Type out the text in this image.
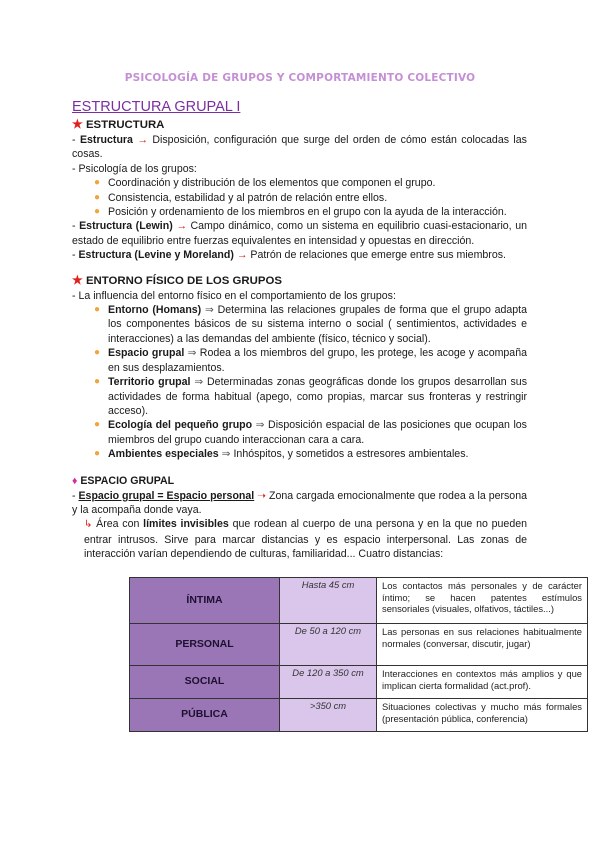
PSICOLOGÍA DE GRUPOS Y COMPORTAMIENTO COLECTIVO
ESTRUCTURA GRUPAL I
★ ESTRUCTURA

- Estructura → Disposición, configuración que surge del orden de cómo están colocadas las cosas.

- Psicología de los grupos:

● Coordinación y distribución de los elementos que componen el grupo.
● Consistencia, estabilidad y al patrón de relación entre ellos.
● Posición y ordenamiento de los miembros en el grupo con la ayuda de la interacción.

- Estructura (Lewin) → Campo dinámico, como un sistema en equilibrio cuasi-estacionario, un estado de equilibrio entre fuerzas equivalentes en intensidad y opuestas en dirección.

- Estructura (Levine y Moreland) → Patrón de relaciones que emerge entre sus miembros.

★ ENTORNO FÍSICO DE LOS GRUPOS

- La influencia del entorno físico en el comportamiento de los grupos:

● Entorno (Homans) ⇒ Determina las relaciones grupales de forma que el grupo adapta los componentes básicos de su sistema interno o social ( sentimientos, actividades e interacciones) a las demandas del ambiente (físico, técnico y social).
● Espacio grupal ⇒ Rodea a los miembros del grupo, les protege, les acoge y acompaña en sus desplazamientos.
● Territorio grupal ⇒ Determinadas zonas geográficas donde los grupos desarrollan sus actividades de forma habitual (apego, como propias, marcar sus fronteras y restringir acceso).
● Ecología del pequeño grupo ⇒ Disposición espacial de las posiciones que ocupan los miembros del grupo cuando interaccionan cara a cara.
● Ambientes especiales ⇒ Inhóspitos, y sometidos a estresores ambientales.
♦ ESPACIO GRUPAL

- Espacio grupal = Espacio personal ➝ Zona cargada emocionalmente que rodea a la persona y la acompaña donde vaya.

↳ Área con límites invisibles que rodean al cuerpo de una persona y en la que no pueden entrar intrusos. Sirve para marcar distancias y es espacio interpersonal. Las zonas de interacción varían dependiendo de culturas, familiaridad... Cuatro distancias:

ÍNTIMA	Hasta 45 cm	Los contactos más personales y de carácter íntimo; se hacen patentes estímulos sensoriales (visuales, olfativos, táctiles...)
PERSONAL	De 50 a 120 cm	Las personas en sus relaciones habitualmente normales (conversar, discutir, jugar)
SOCIAL	De 120 a 350 cm	Interacciones en contextos más amplios y que implican cierta formalidad (act.prof).
PÚBLICA	>350 cm	Situaciones colectivas y mucho más formales (presentación pública, conferencia)
